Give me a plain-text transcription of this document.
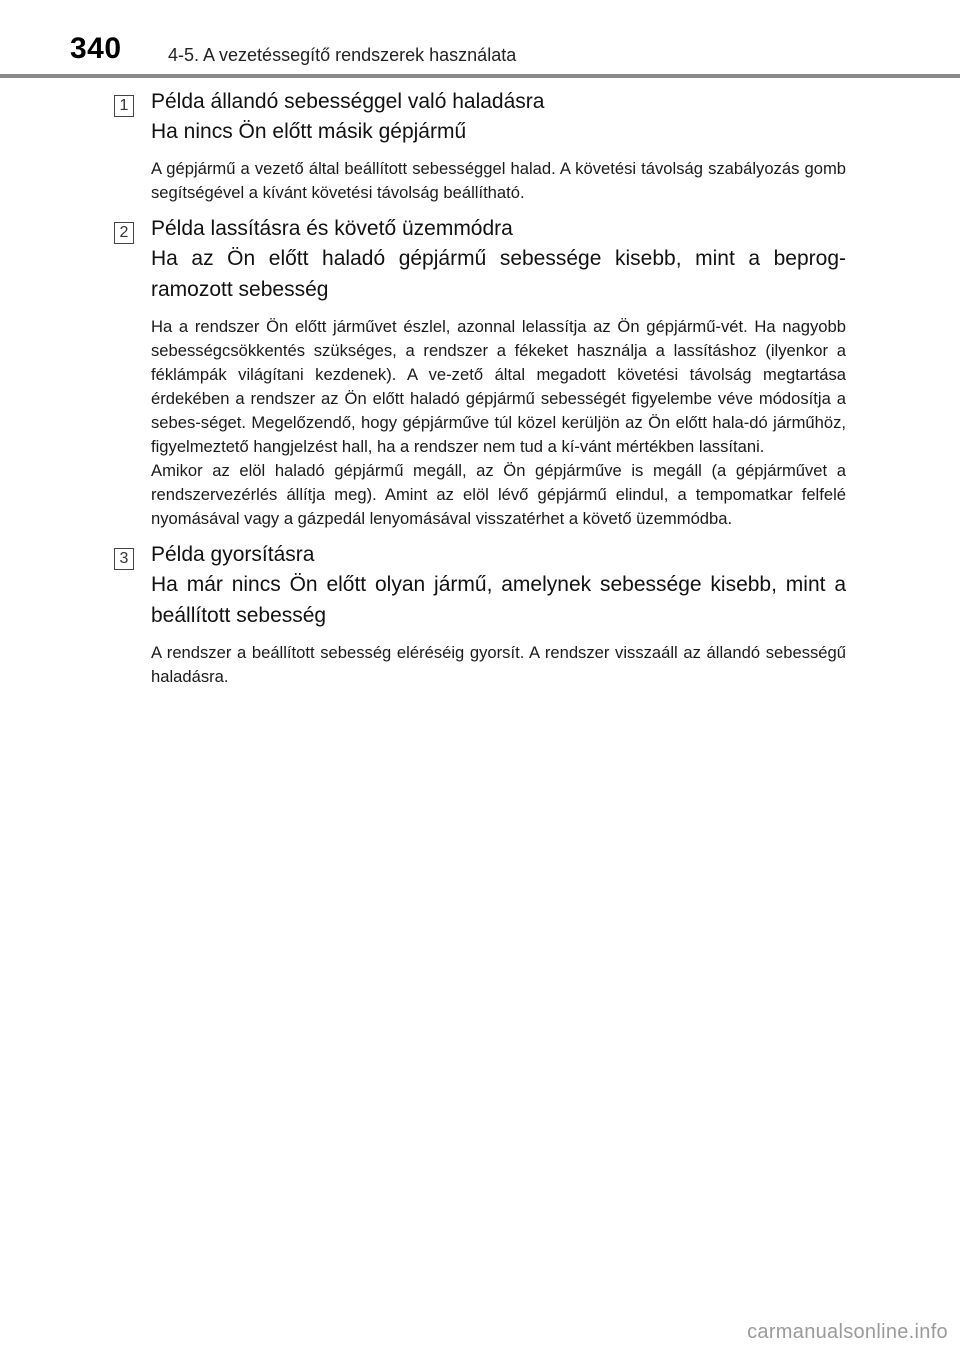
340	4-5. A vezetéssegítő rendszerek használata
1 Példa állandó sebességgel való haladásra
Ha nincs Ön előtt másik gépjármű

A gépjármű a vezető által beállított sebességgel halad. A követési távolság szabályozás gomb segítségével a kívánt követési távolság beállítható.

2 Példa lassításra és követő üzemmódra
Ha az Ön előtt haladó gépjármű sebessége kisebb, mint a beprog-ramozott sebesség

Ha a rendszer Ön előtt járművet észlel, azonnal lelassítja az Ön gépjármű-vét. Ha nagyobb sebességcsökkentés szükséges, a rendszer a fékeket használja a lassításhoz (ilyenkor a féklámpák világítani kezdenek). A ve-zető által megadott követési távolság megtartása érdekében a rendszer az Ön előtt haladó gépjármű sebességét figyelembe véve módosítja a sebes-séget. Megelőzendő, hogy gépjárműve túl közel kerüljön az Ön előtt hala-dó járműhöz, figyelmeztető hangjelzést hall, ha a rendszer nem tud a kí-vánt mértékben lassítani.

Amikor az elöl haladó gépjármű megáll, az Ön gépjárműve is megáll (a gépjárművet a rendszervezérlés állítja meg). Amint az elöl lévő gépjármű elindul, a tempomatkar felfelé nyomásával vagy a gázpedál lenyomásával visszatérhet a követő üzemmódba.

3 Példa gyorsításra
Ha már nincs Ön előtt olyan jármű, amelynek sebessége kisebb, mint a beállított sebesség

A rendszer a beállított sebesség eléréséig gyorsít. A rendszer visszaáll az állandó sebességű haladásra.

carmanualsonline.info
